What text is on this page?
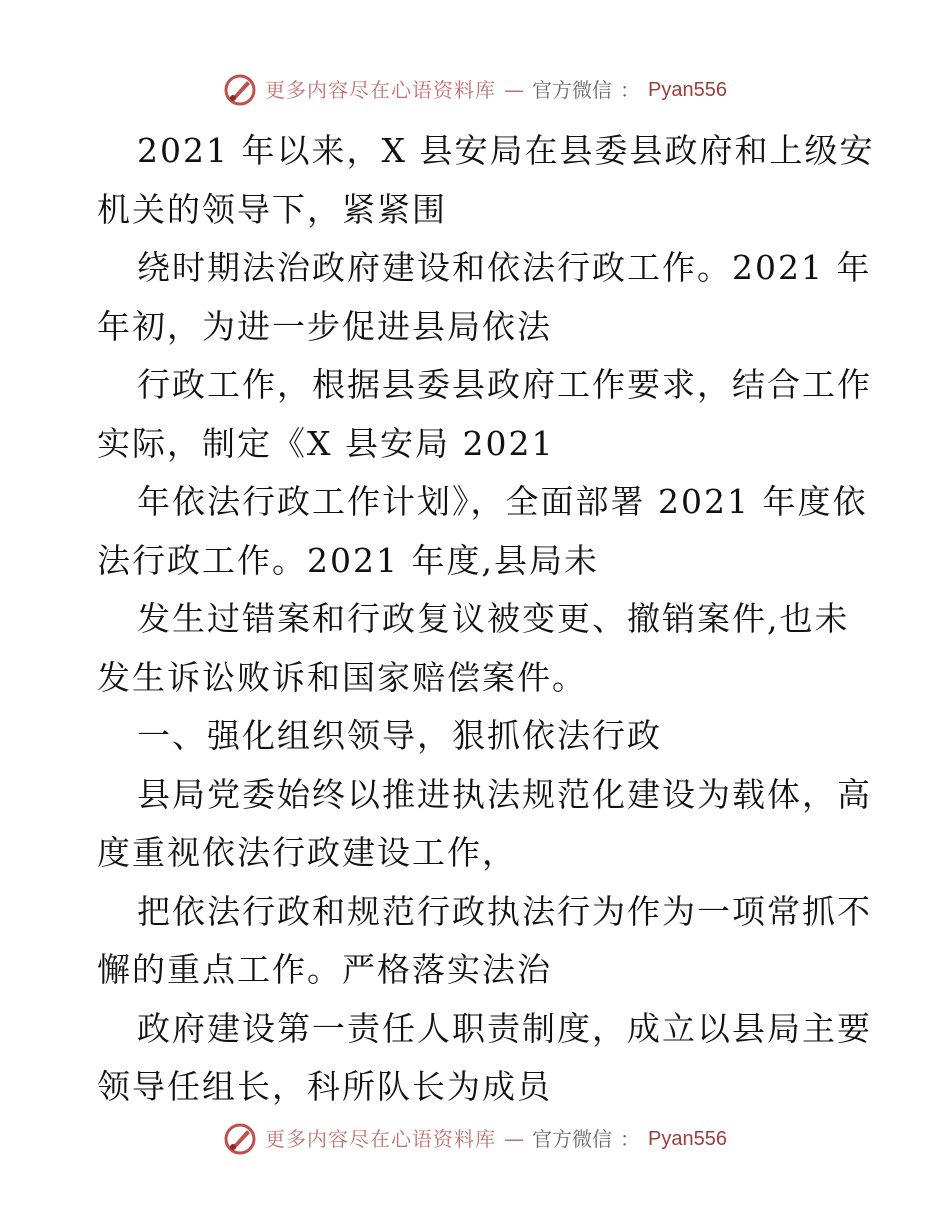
更多内容尽在心语资料库 — 官方微信 ： Pyan556

2021 年以来，X 县安局在县委县政府和上级安
机关的领导下，紧紧围

绕时期法治政府建设和依法行政工作。2021 年
年初，为进一步促进县局依法

行政工作，根据县委县政府工作要求，结合工作
实际，制定《X 县安局 2021

年依法行政工作计划》，全面部署 2021 年度依
法行政工作。2021 年度,县局未

发生过错案和行政复议被变更、撤销案件,也未
发生诉讼败诉和国家赔偿案件。

一、强化组织领导，狠抓依法行政

县局党委始终以推进执法规范化建设为载体，高
度重视依法行政建设工作，

把依法行政和规范行政执法行为作为一项常抓不
懈的重点工作。严格落实法治

政府建设第一责任人职责制度，成立以县局主要
领导任组长，科所队长为成员

更多内容尽在心语资料库 — 官方微信 ： Pyan556
